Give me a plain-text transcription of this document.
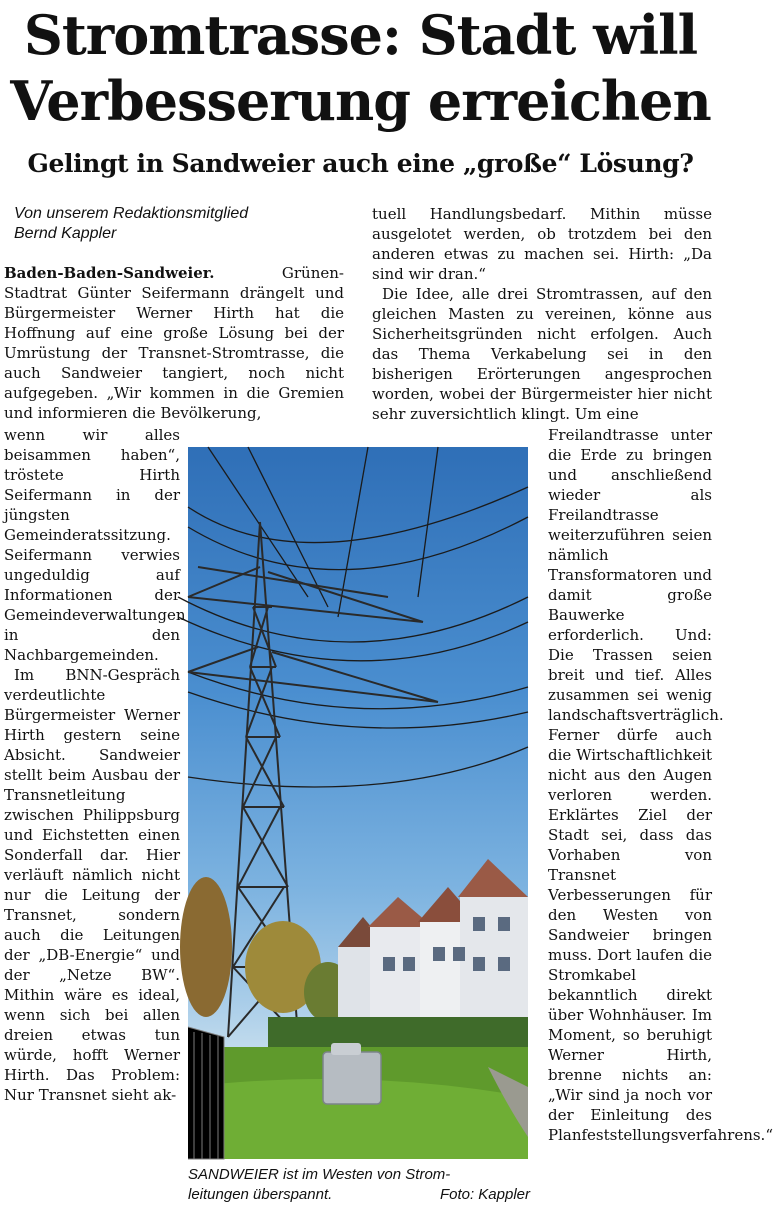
Stromtrasse: Stadt will
Verbesserung erreichen
Gelingt in Sandweier auch eine „große“ Lösung?
Von unserem Redaktionsmitglied
Bernd Kappler

Baden-Baden-Sandweier.	Grünen-Stadtrat Günter Seifermann drängelt und Bürgermeister Werner Hirth hat die Hoffnung auf eine große Lösung bei der Umrüstung der Transnet-Stromtrasse, die auch Sandweier tangiert, noch nicht aufgegeben. „Wir kommen in die Gremien und informieren die Bevölkerung,

wenn wir alles beisammen haben“, tröstete Hirth Seifermann in der jüngsten Gemeinderatssitzung. Seifermann verwies ungeduldig auf Informationen der Gemeindeverwaltungen in den Nachbargemeinden.

Im BNN-Gespräch verdeutlichte Bürgermeister Werner Hirth gestern seine Absicht. Sandweier stellt beim Ausbau der Transnetleitung zwischen Philippsburg und Eichstetten einen Sonderfall dar. Hier verläuft nämlich nicht nur die Leitung der Transnet, sondern auch die Leitungen der „DB-Energie“ und der „Netze BW“. Mithin wäre es ideal, wenn sich bei allen dreien etwas tun würde, hofft Werner Hirth. Das Problem: Nur Transnet sieht ak-

tuell Handlungsbedarf. Mithin müsse ausgelotet werden, ob trotzdem bei den anderen etwas zu machen sei. Hirth: „Da sind wir dran.“

Die Idee, alle drei Stromtrassen, auf den gleichen Masten zu vereinen, könne aus Sicherheitsgründen nicht erfolgen. Auch das Thema Verkabelung sei in den bisherigen Erörterungen angesprochen worden, wobei der Bürgermeister hier nicht sehr zuversichtlich klingt. Um eine

Freilandtrasse unter die Erde zu bringen und anschließend wieder als Freilandtrasse weiterzuführen seien nämlich Transformatoren und damit große Bauwerke erforderlich. Und: Die Trassen seien breit und tief. Alles zusammen sei wenig landschaftsverträglich. Ferner dürfe auch die Wirtschaftlichkeit nicht aus den Augen verloren werden. Erklärtes Ziel der Stadt sei, dass das Vorhaben von Transnet Verbesserungen für den Westen von Sandweier bringen muss. Dort laufen die Stromkabel bekanntlich direkt über Wohnhäuser. Im Moment, so beruhigt Werner Hirth, brenne nichts an: „Wir sind ja noch vor der Einleitung des Planfeststellungsverfahrens.“

SANDWEIER ist im Westen von Strom-
leitungen überspannt.	Foto: Kappler
